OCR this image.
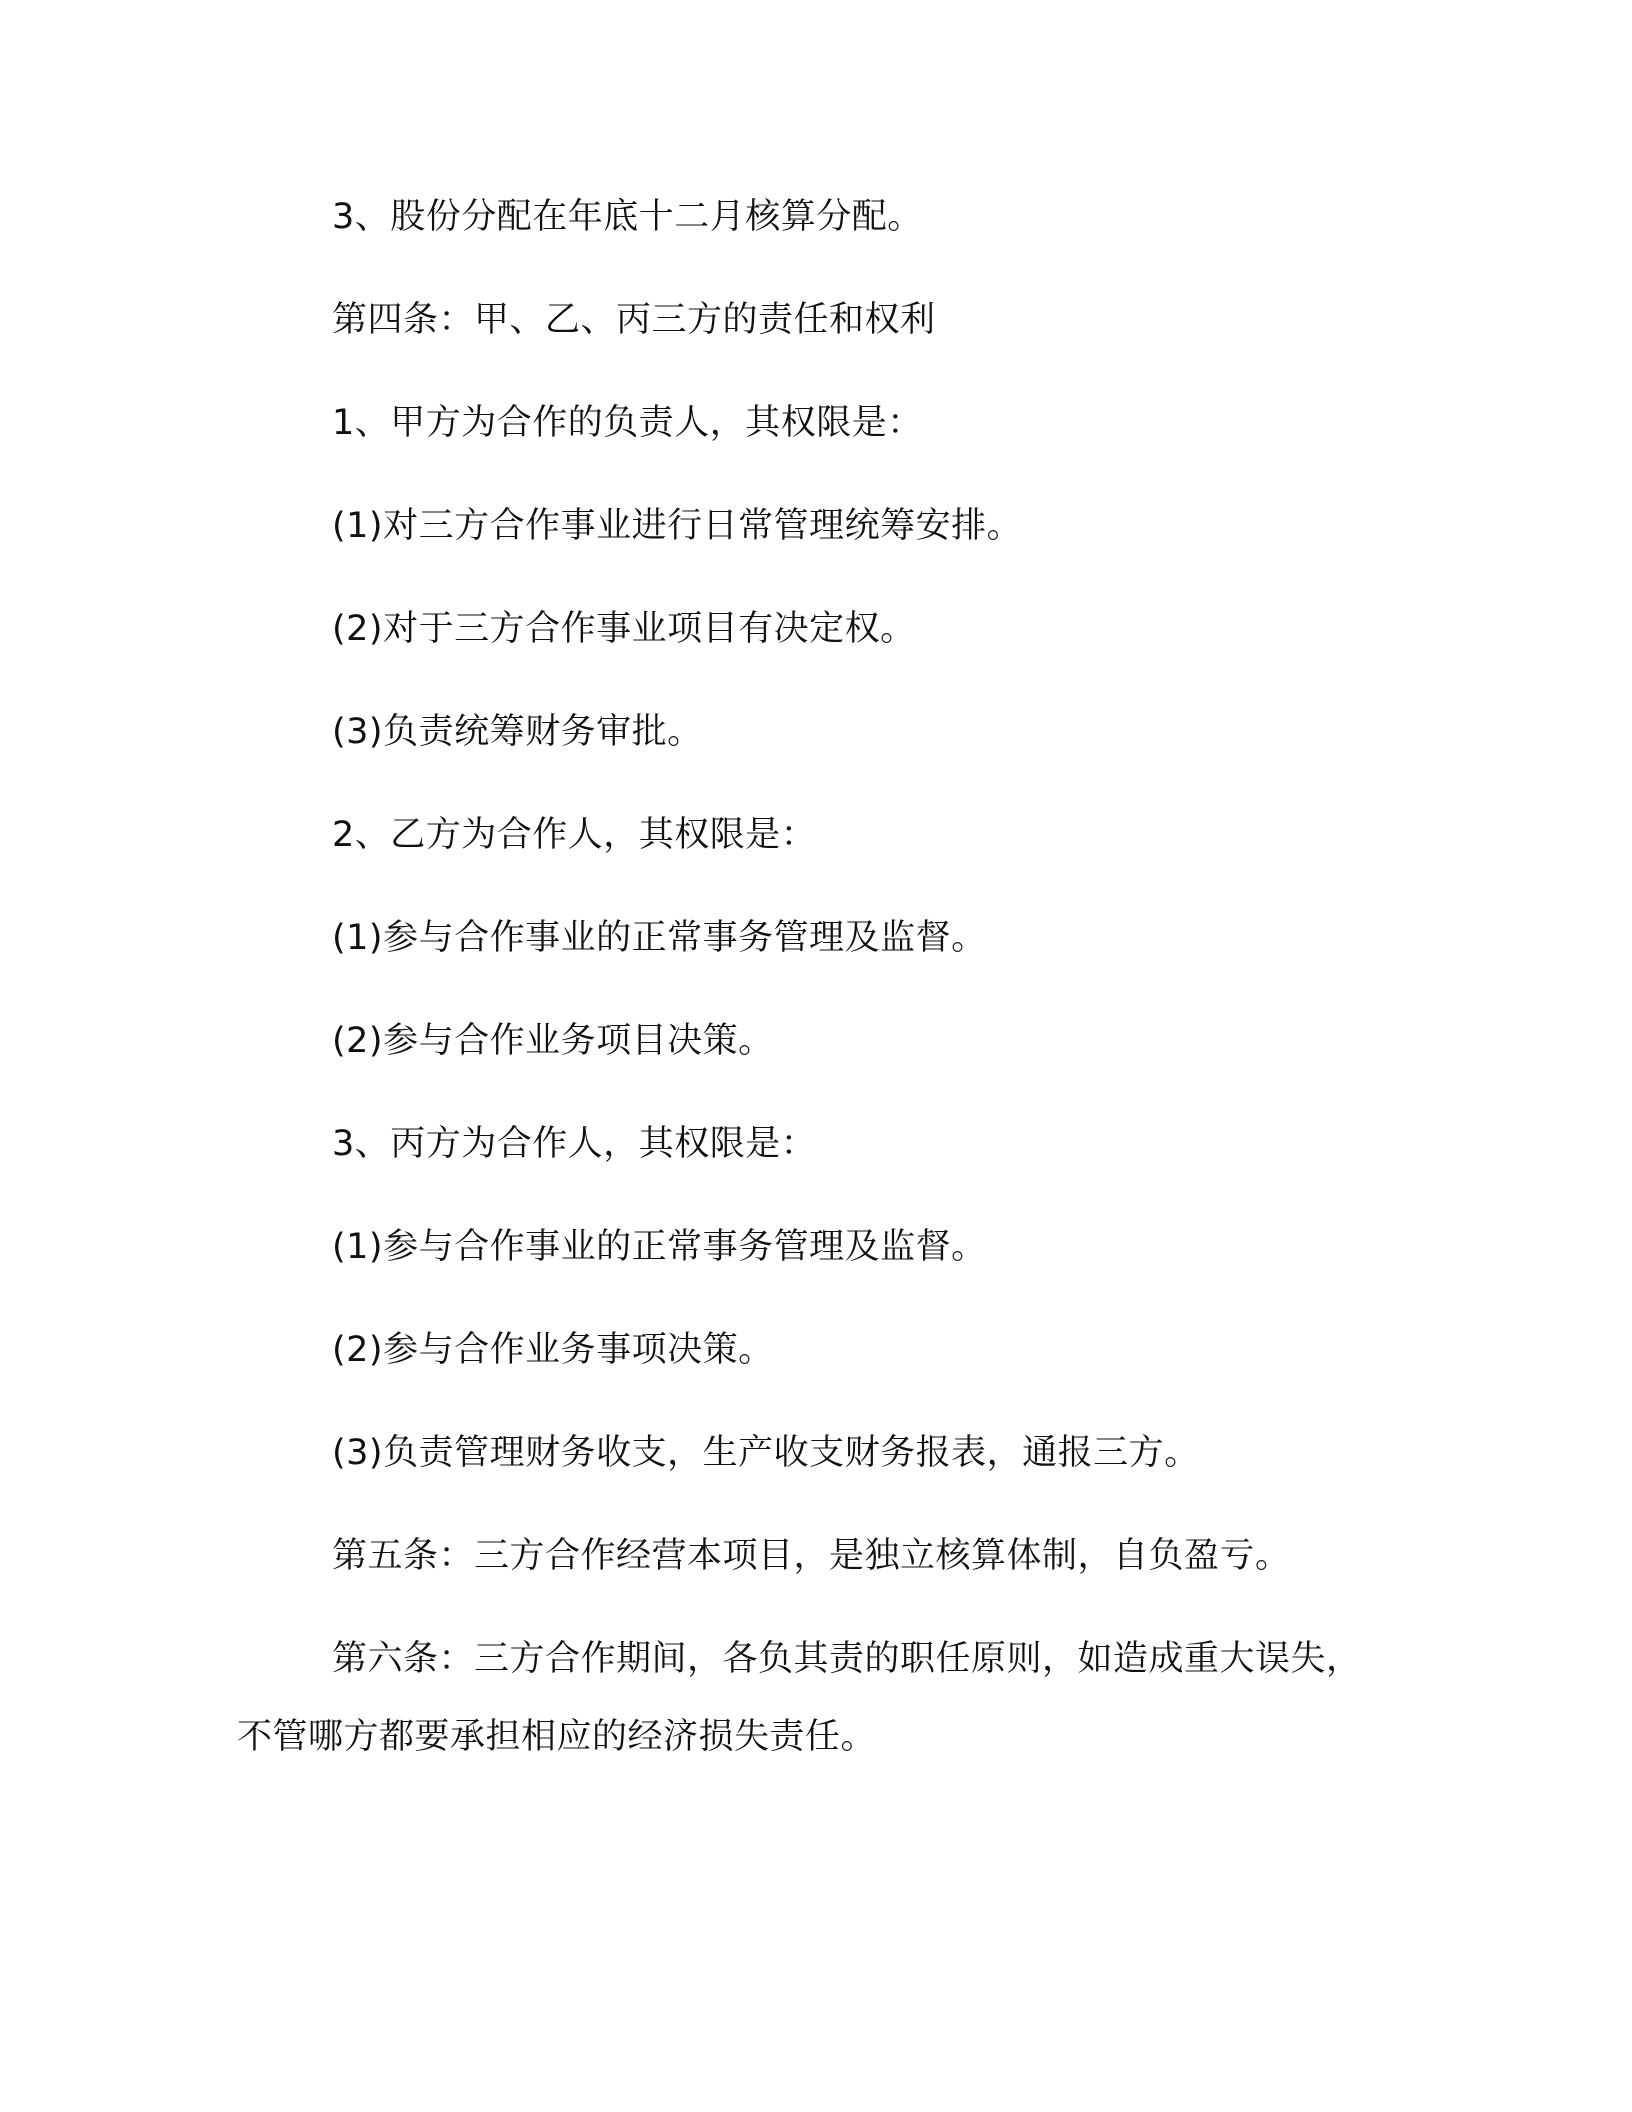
3、股份分配在年底十二月核算分配。

第四条：甲、乙、丙三方的责任和权利

1、甲方为合作的负责人，其权限是：

(1)对三方合作事业进行日常管理统筹安排。

(2)对于三方合作事业项目有决定权。

(3)负责统筹财务审批。

2、乙方为合作人，其权限是：

(1)参与合作事业的正常事务管理及监督。

(2)参与合作业务项目决策。

3、丙方为合作人，其权限是：

(1)参与合作事业的正常事务管理及监督。

(2)参与合作业务事项决策。

(3)负责管理财务收支，生产收支财务报表，通报三方。

第五条：三方合作经营本项目，是独立核算体制，自负盈亏。

第六条：三方合作期间，各负其责的职任原则，如造成重大误失，

不管哪方都要承担相应的经济损失责任。
